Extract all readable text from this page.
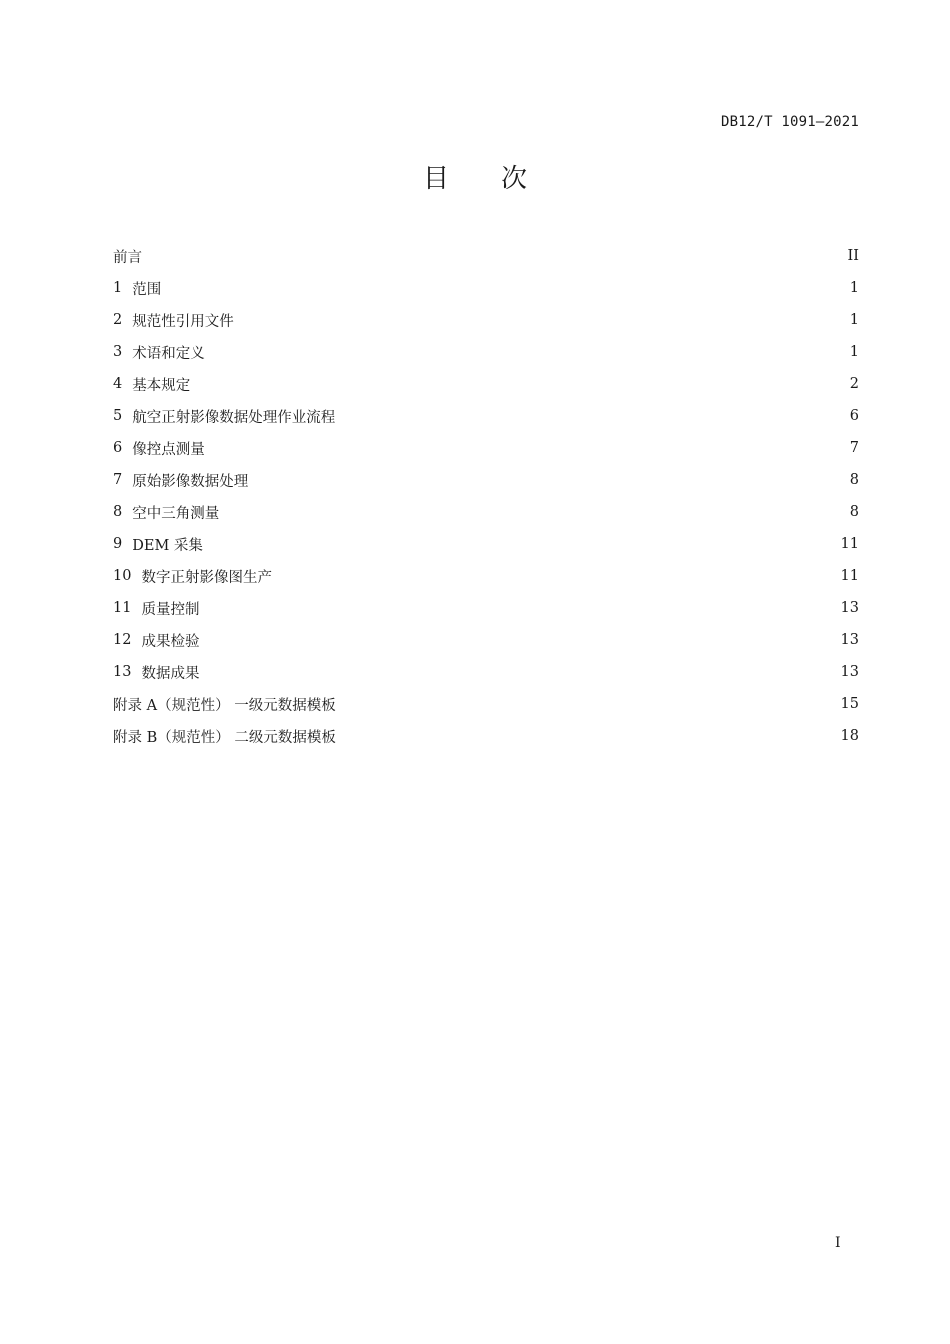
DB12/T 1091—2021
目次
前言	II
1 范围	1
2 规范性引用文件	1
3 术语和定义	1
4 基本规定	2
5 航空正射影像数据处理作业流程	6
6 像控点测量	7
7 原始影像数据处理	8
8 空中三角测量	8
9 DEM 采集	11
10 数字正射影像图生产	11
11 质量控制	13
12 成果检验	13
13 数据成果	13
附录 A（规范性） 一级元数据模板	15
附录 B（规范性） 二级元数据模板	18
I
